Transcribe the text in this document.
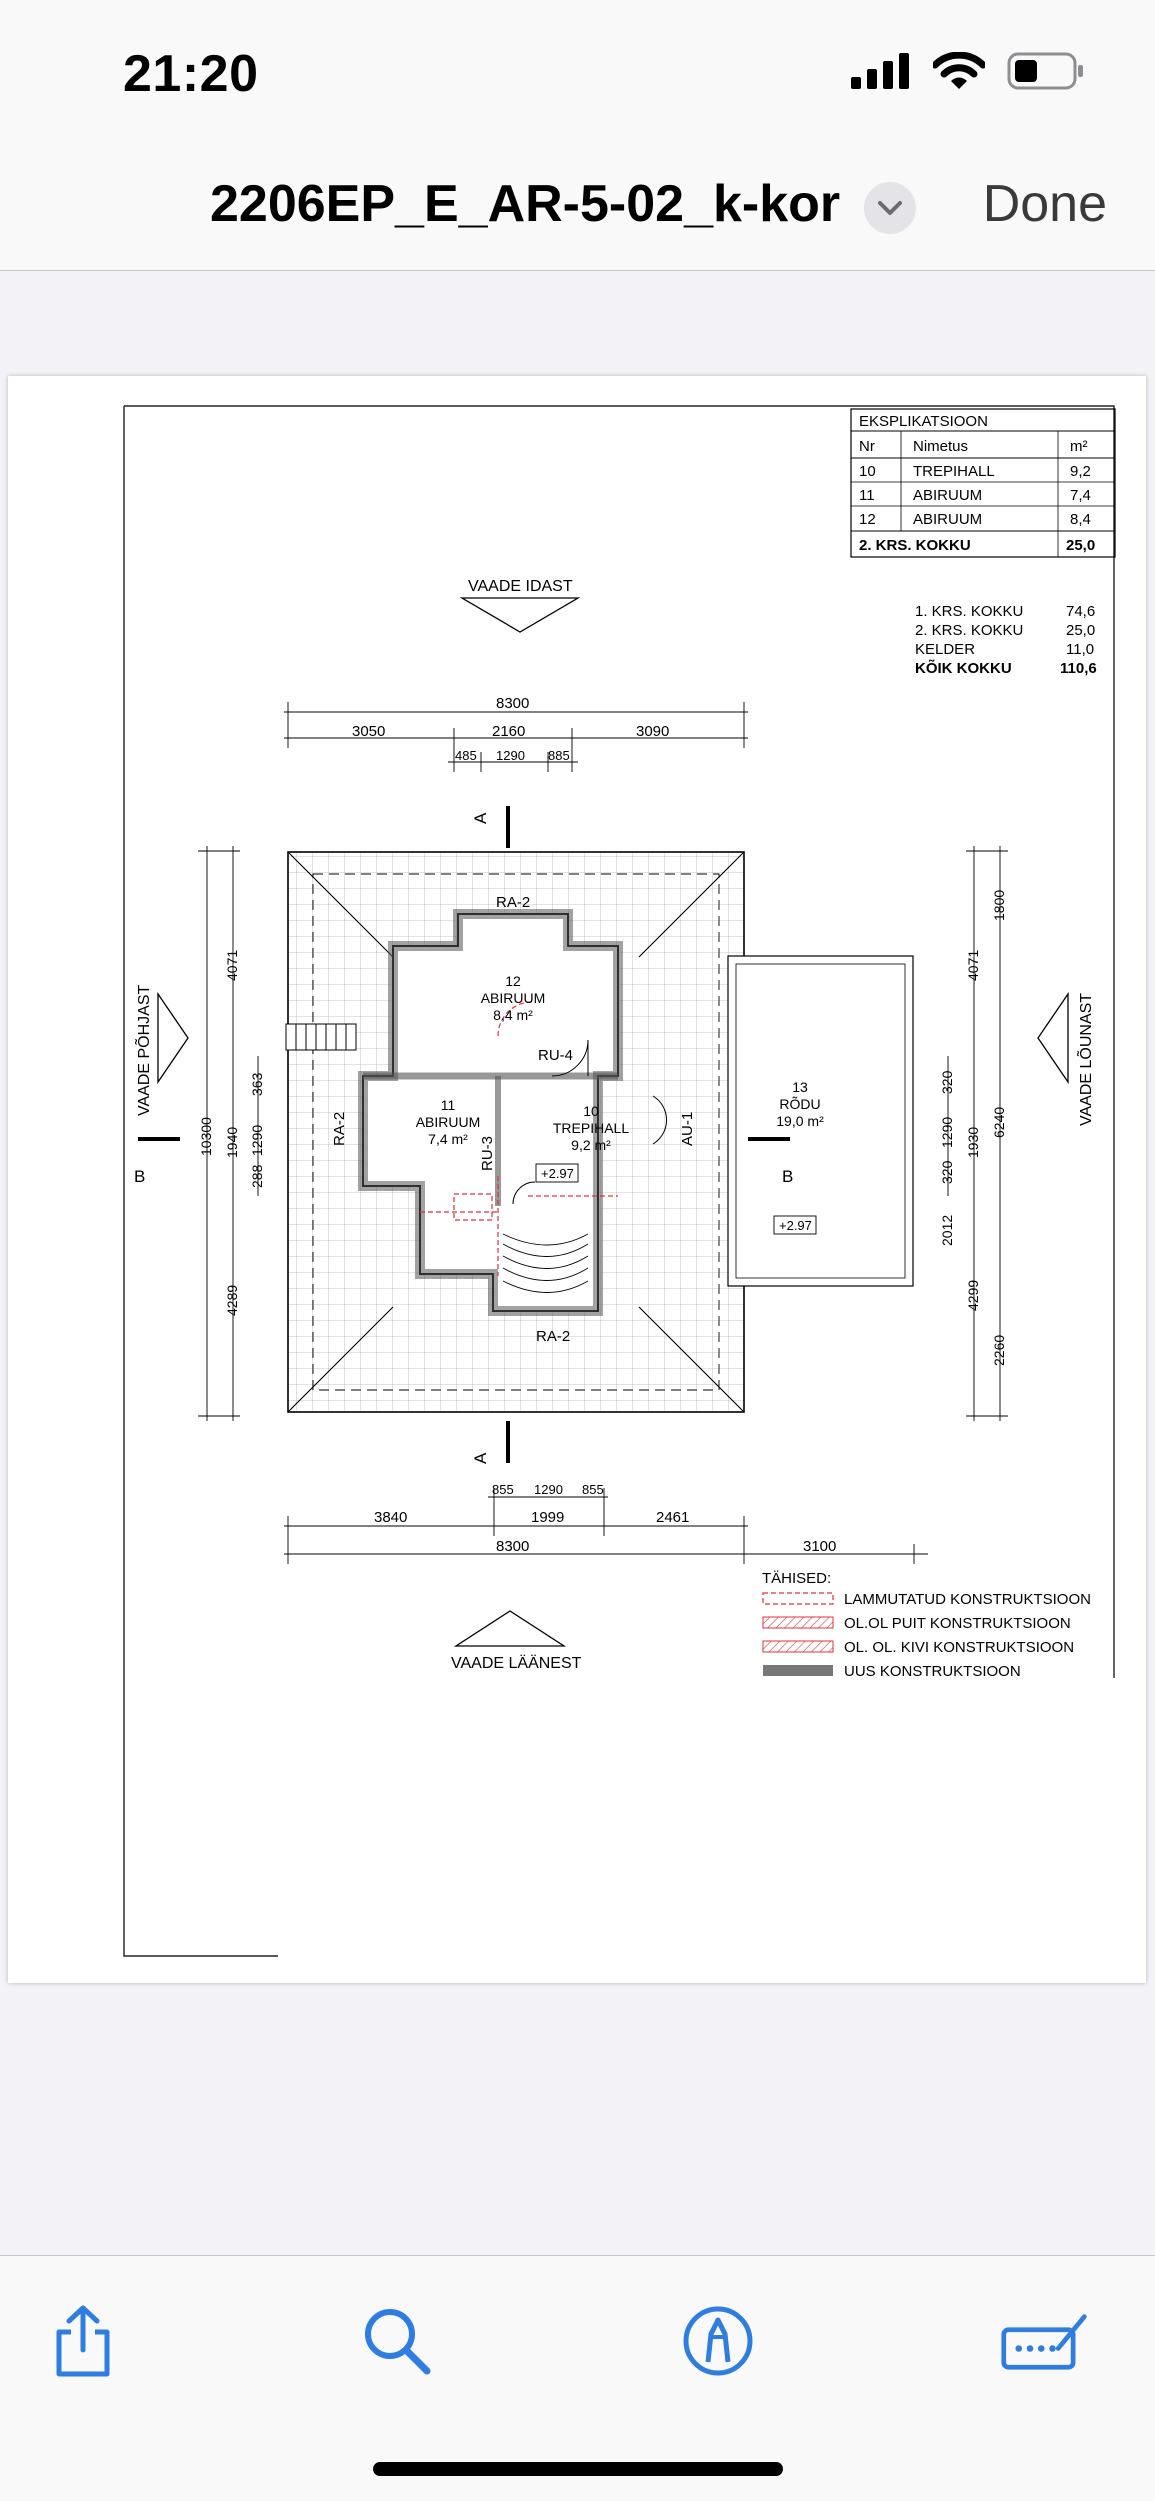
21:20
2206EP_E_AR-5-02_k-kor	Done
EKSPLIKATSIOON
Nr	Nimetus	m²
10 TREPIHALL	9,2
11	ABIRUUM	7,4
12 ABIRUUM	8,4
2. KRS. KOKKU	25,0
1. KRS. KOKKU	74,6
2. KRS. KOKKU	25,0
KELDER	11,0
KÕIK KOKKU	110,6
VAADE IDAST
VAADE LÄÄNEST
VAADE PÕHJAST	VAADE LÕUNAST
8300
3050	2160	3090
485 1290 885
855 1290 855
3840	1999	2461
8300	3100
4071
10300 1940 1290
363
288
4289
1800
4071
320
1290 1930
6240
320
2012
4299
2260
12
ABIRUUM
8,4 m²
11
ABIRUUM
7,4 m²
10
TREPIHALL
9,2 m²
13
RÕDU
19,0 m²
RA-2
RA-2
RA-2
RU-4
RU-3
AU-1
+2.97
+2.97
A
A
B	B
TÄHISED:
LAMMUTATUD KONSTRUKTSIOON
OL.OL PUIT KONSTRUKTSIOON
OL. OL. KIVI KONSTRUKTSIOON
UUS KONSTRUKTSIOON
